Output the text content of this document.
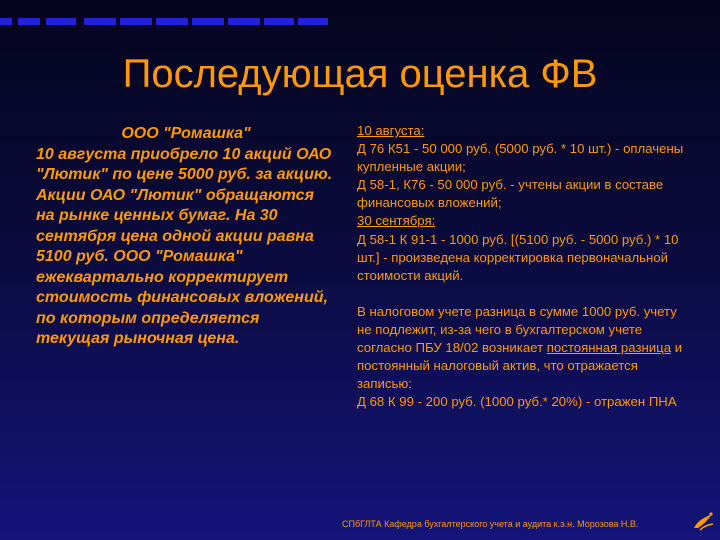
Последующая оценка ФВ
ООО "Ромашка"
10 августа приобрело 10 акций ОАО "Лютик" по цене 5000 руб. за акцию. Акции ОАО "Лютик" обращаются на рынке ценных бумаг. На 30 сентября цена одной акции равна 5100 руб. ООО "Ромашка" ежеквартально корректирует стоимость финансовых вложений, по которым определяется текущая рыночная цена.

10 августа:

Д 76 К51 - 50 000 руб. (5000 руб. * 10 шт.) - оплачены купленные акции;

Д 58-1, К76 - 50 000 руб. - учтены акции в составе финансовых вложений;

30 сентября:

Д 58-1 К 91-1 - 1000 руб. [(5100 руб. - 5000 руб.) * 10 шт.] - произведена корректировка первоначальной стоимости акций.

В налоговом учете разница в сумме 1000 руб. учету не подлежит, из-за чего в бухгалтерском учете согласно ПБУ 18/02 возникает постоянная разница и постоянный налоговый актив, что отражается записью:

Д 68 К 99 - 200 руб. (1000 руб.* 20%) - отражен ПНА

СПбГЛТА Кафедра бухгалтерского учета и аудита к.э.н. Морозова Н.В.
